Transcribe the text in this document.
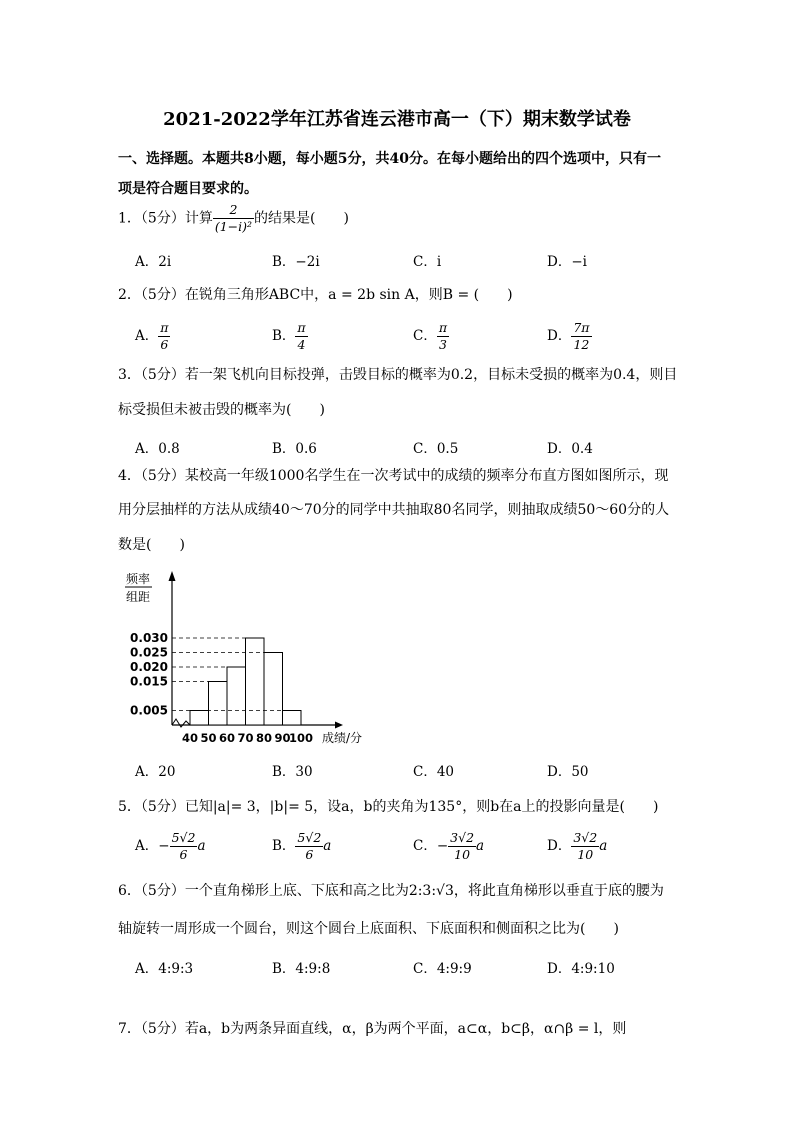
2021-2022学年江苏省连云港市高一（下）期末数学试卷
一、选择题。本题共8小题，每小题5分，共40分。在每小题给出的四个选项中，只有一
项是符合题目要求的。
1．（5分）计算 $\frac{2}{\text{(1−i)²}}$ 的结果是(　　)
A．2i	B．−2i	C．i	D．−i
2．（5分）在锐角三角形ABC中，a = 2b sin A，则B = (　　)
A． $\frac{\pi}{6}$	B． $\frac{\pi}{4}$	C． $\frac{\pi}{3}$	D． $\frac{7\pi}{12}$
3．（5分）若一架飞机向目标投弹，击毁目标的概率为0.2，目标未受损的概率为0.4，则目
标受损但未被击毁的概率为(　　)
A．0.8	B．0.6	C．0.5	D．0.4
4．（5分）某校高一年级1000名学生在一次考试中的成绩的频率分布直方图如图所示，现
用分层抽样的方法从成绩40～70分的同学中共抽取80名同学，则抽取成绩50～60分的人
数是(　　)
频率
组距
0.030
0.025
0.020
0.015
0.005
40 50 60 70 80 90
100 成绩/分
A．20	B．30	C．40	D．50
5．（5分）已知|a|= 3，|b|= 5，设a，b的夹角为135°，则b在a上的投影向量是(　　)
A．− $\frac{5√2}{6}$ a	B． $\frac{5√2}{6}$ a	C．− $\frac{3√2}{10}$ a	D． $\frac{3√2}{10}$ a
6．（5分）一个直角梯形上底、下底和高之比为2:3:√3，将此直角梯形以垂直于底的腰为
轴旋转一周形成一个圆台，则这个圆台上底面积、下底面积和侧面积之比为(　　)
A．4:9:3	B．4:9:8	C．4:9:9	D．4:9:10
7．（5分）若a，b为两条异面直线，α，β为两个平面，a⊂α，b⊂β，α∩β = l，则
